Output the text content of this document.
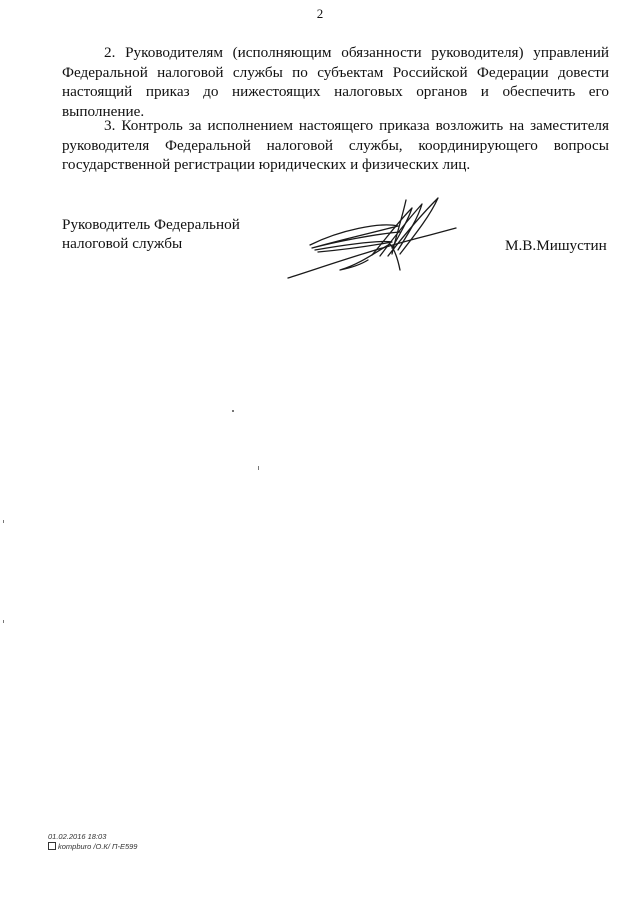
2

2. Руководителям (исполняющим обязанности руководителя) управлений Федеральной налоговой службы по субъектам Российской Федерации довести настоящий приказ до нижестоящих налоговых органов и обеспечить его выполнение.

3. Контроль за исполнением настоящего приказа возложить на заместителя руководителя Федеральной налоговой службы, координирующего вопросы государственной регистрации юридических и физических лиц.

Руководитель Федеральной
налоговой службы	М.В.Мишустин
01.02.2016 18:03
kompburo /О.К/ П-Е599
